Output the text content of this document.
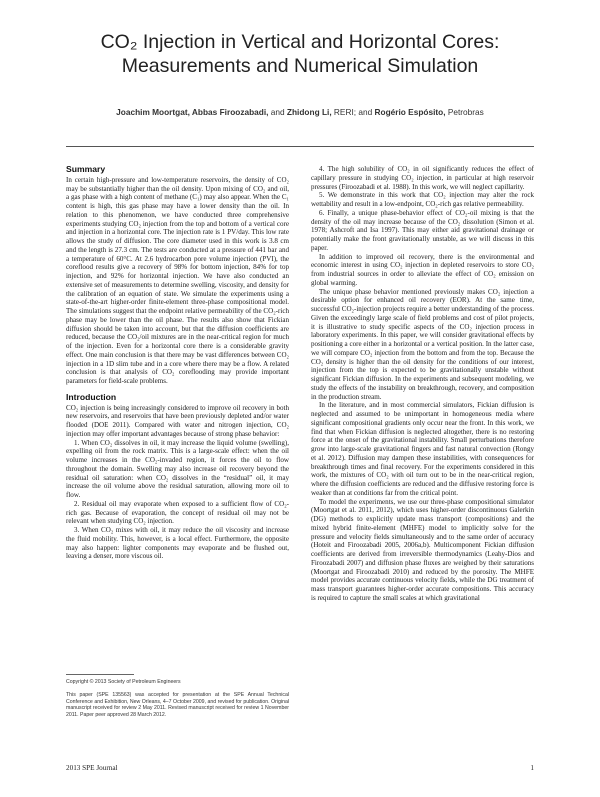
CO₂ Injection in Vertical and Horizontal Cores: Measurements and Numerical Simulation
Joachim Moortgat, Abbas Firoozabadi, and Zhidong Li, RERI; and Rogério Espósito, Petrobras
Summary

In certain high-pressure and low-temperature reservoirs, the density of CO₂ may be substantially higher than the oil density. Upon mixing of CO₂ and oil, a gas phase with a high content of methane (C₁) may also appear. When the C₁ content is high, this gas phase may have a lower density than the oil. In relation to this phenomenon, we have conducted three comprehensive experiments studying CO₂ injection from the top and bottom of a vertical core and injection in a horizontal core. The injection rate is 1 PV/day. This low rate allows the study of diffusion. The core diameter used in this work is 3.8 cm and the length is 27.3 cm. The tests are conducted at a pressure of 441 bar and a temperature of 60°C. At 2.6 hydrocarbon pore volume injection (PVI), the coreflood results give a recovery of 98% for bottom injection, 84% for top injection, and 92% for horizontal injection. We have also conducted an extensive set of measurements to determine swelling, viscosity, and density for the calibration of an equation of state. We simulate the experiments using a state-of-the-art higher-order finite-element three-phase compositional model. The simulations suggest that the endpoint relative permeability of the CO₂-rich phase may be lower than the oil phase. The results also show that Fickian diffusion should be taken into account, but that the diffusion coefficients are reduced, because the CO₂/oil mixtures are in the near-critical region for much of the injection. Even for a horizontal core there is a considerable gravity effect. One main conclusion is that there may be vast differences between CO₂ injection in a 1D slim tube and in a core where there may be a flow. A related conclusion is that analysis of CO₂ coreflooding may provide important parameters for field-scale problems.

Introduction

CO₂ injection is being increasingly considered to improve oil recovery in both new reservoirs, and reservoirs that have been previously depleted and/or water flooded (DOE 2011). Compared with water and nitrogen injection, CO₂ injection may offer important advantages because of strong phase behavior:

1. When CO₂ dissolves in oil, it may increase the liquid volume (swelling), expelling oil from the rock matrix. This is a large-scale effect: when the oil volume increases in the CO₂-invaded region, it forces the oil to flow throughout the domain. Swelling may also increase oil recovery beyond the residual oil saturation: when CO₂ dissolves in the “residual” oil, it may increase the oil volume above the residual saturation, allowing more oil to flow.

2. Residual oil may evaporate when exposed to a sufficient flow of CO₂-rich gas. Because of evaporation, the concept of residual oil may not be relevant when studying CO₂ injection.

3. When CO₂ mixes with oil, it may reduce the oil viscosity and increase the fluid mobility. This, however, is a local effect. Furthermore, the opposite may also happen: lighter components may evaporate and be flushed out, leaving a denser, more viscous oil.

Copyright © 2013 Society of Petroleum Engineers
This paper (SPE 135563) was accepted for presentation at the SPE Annual Technical Conference and Exhibition, New Orleans, 4–7 October 2009, and revised for publication. Original manuscript received for review 2 May 2011. Revised manuscript received for review 1 November 2011. Paper peer approved 28 March 2012.

4. The high solubility of CO₂ in oil significantly reduces the effect of capillary pressure in studying CO₂ injection, in particular at high reservoir pressures (Firoozabadi et al. 1988). In this work, we will neglect capillarity.

5. We demonstrate in this work that CO₂ injection may alter the rock wettability and result in a low-endpoint, CO₂-rich gas relative permeability.

6. Finally, a unique phase-behavior effect of CO₂-oil mixing is that the density of the oil may increase because of the CO₂ dissolution (Simon et al. 1978; Ashcroft and Isa 1997). This may either aid gravitational drainage or potentially make the front gravitationally unstable, as we will discuss in this paper.

In addition to improved oil recovery, there is the environmental and economic interest in using CO₂ injection in depleted reservoirs to store CO₂ from industrial sources in order to alleviate the effect of CO₂ emission on global warming.

The unique phase behavior mentioned previously makes CO₂ injection a desirable option for enhanced oil recovery (EOR). At the same time, successful CO₂-injection projects require a better understanding of the process. Given the exceedingly large scale of field problems and cost of pilot projects, it is illustrative to study specific aspects of the CO₂ injection process in laboratory experiments. In this paper, we will consider gravitational effects by positioning a core either in a horizontal or a vertical position. In the latter case, we will compare CO₂ injection from the bottom and from the top. Because the CO₂ density is higher than the oil density for the conditions of our interest, injection from the top is expected to be gravitationally unstable without significant Fickian diffusion. In the experiments and subsequent modeling, we study the effects of the instability on breakthrough, recovery, and composition in the production stream.

In the literature, and in most commercial simulators, Fickian diffusion is neglected and assumed to be unimportant in homogeneous media where significant compositional gradients only occur near the front. In this work, we find that when Fickian diffusion is neglected altogether, there is no restoring force at the onset of the gravitational instability. Small perturbations therefore grow into large-scale gravitational fingers and fast natural convection (Rongy et al. 2012). Diffusion may dampen these instabilities, with consequences for breakthrough times and final recovery. For the experiments considered in this work, the mixtures of CO₂ with oil turn out to be in the near-critical region, where the diffusion coefficients are reduced and the diffusive restoring force is weaker than at conditions far from the critical point.

To model the experiments, we use our three-phase compositional simulator (Moortgat et al. 2011, 2012), which uses higher-order discontinuous Galerkin (DG) methods to explicitly update mass transport (compositions) and the mixed hybrid finite-element (MHFE) model to implicitly solve for the pressure and velocity fields simultaneously and to the same order of accuracy (Hoteit and Firoozabadi 2005, 2006a,b). Multicomponent Fickian diffusion coefficients are derived from irreversible thermodynamics (Leahy-Dios and Firoozabadi 2007) and diffusion phase fluxes are weighed by their saturations (Moortgat and Firoozabadi 2010) and reduced by the porosity. The MHFE model provides accurate continuous velocity fields, while the DG treatment of mass transport guarantees higher-order accurate compositions. This accuracy is required to capture the small scales at which gravitational

2013 SPE Journal	1
